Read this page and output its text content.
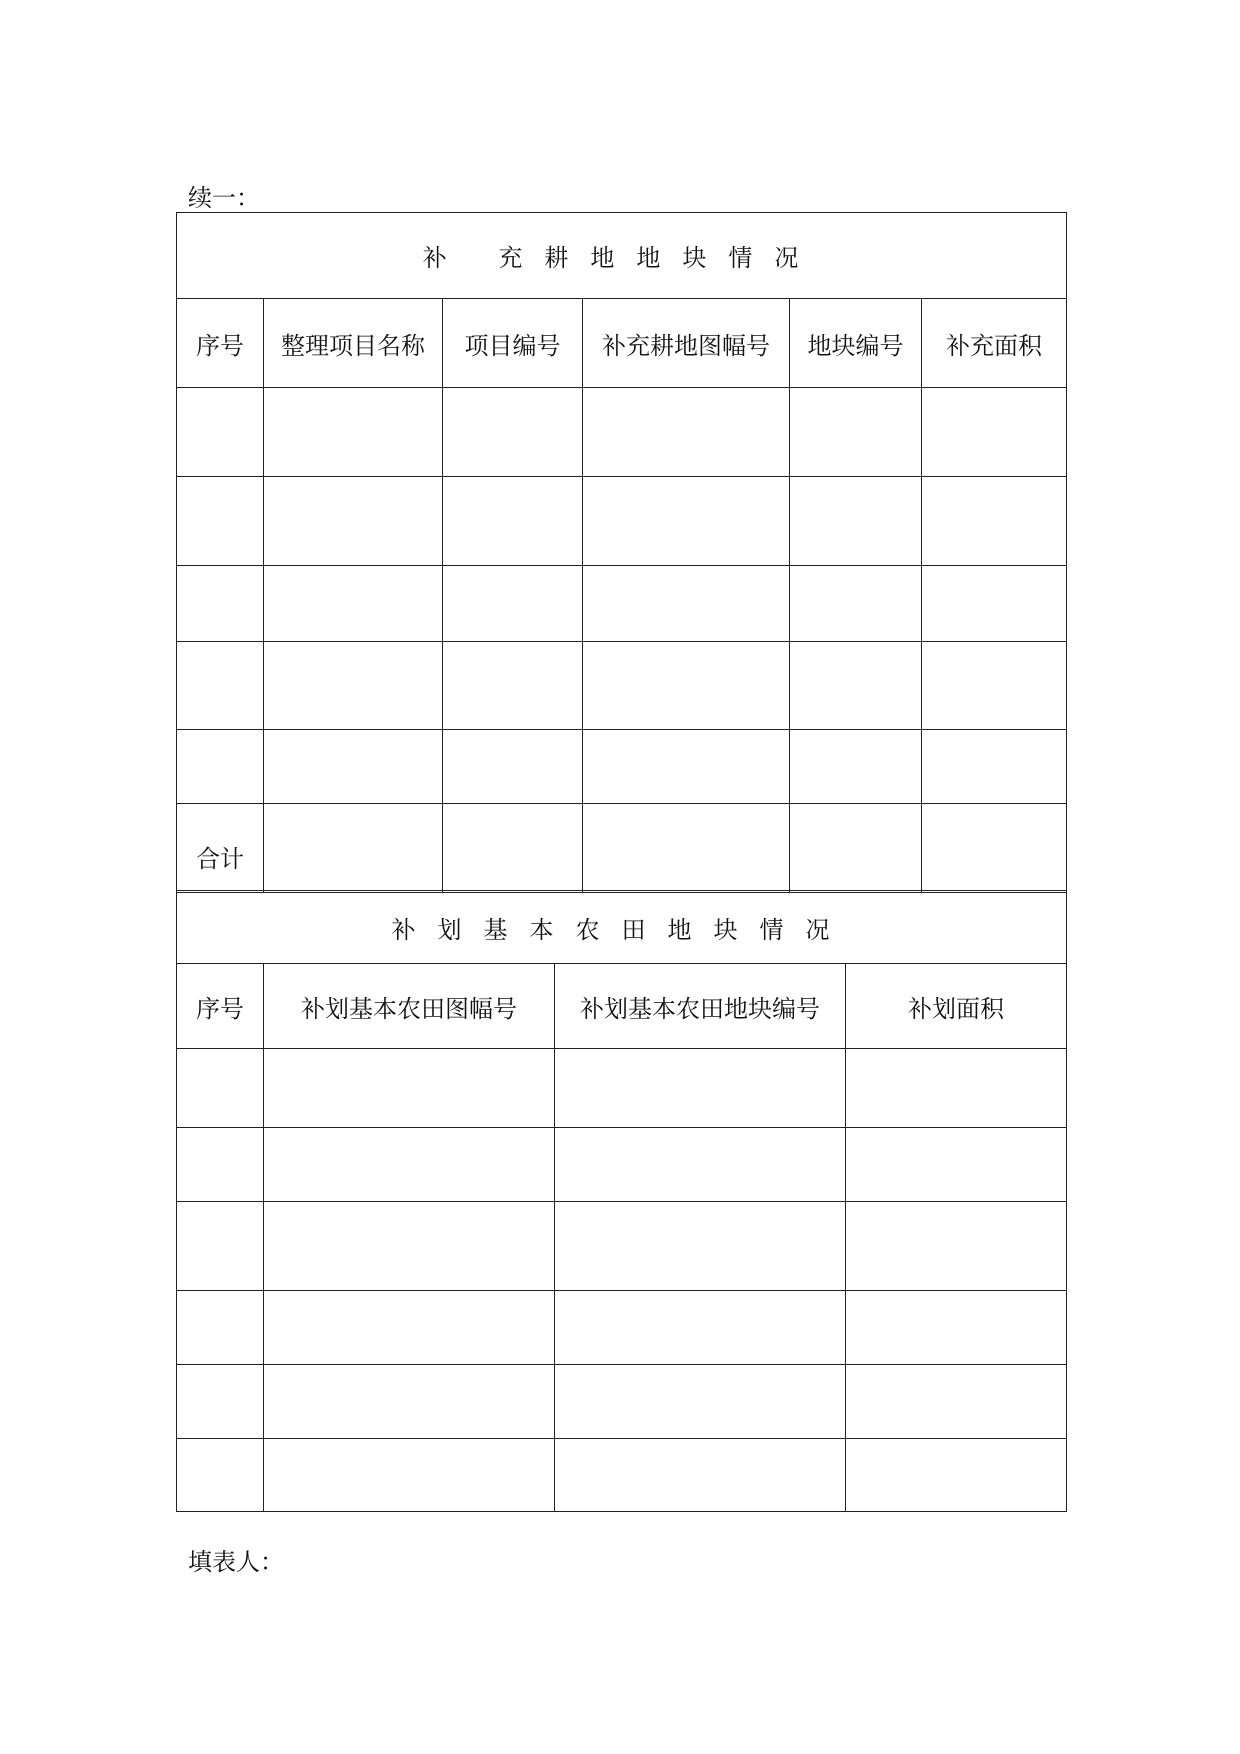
续一：
补 充耕地地块情况					
序号	整理项目名称	项目编号	补充耕地图幅号	地块编号	补充面积

合计					
补划基本农田地块情况			
序号	补划基本农田图幅号	补划基本农田地块编号	补划面积

填表人：
